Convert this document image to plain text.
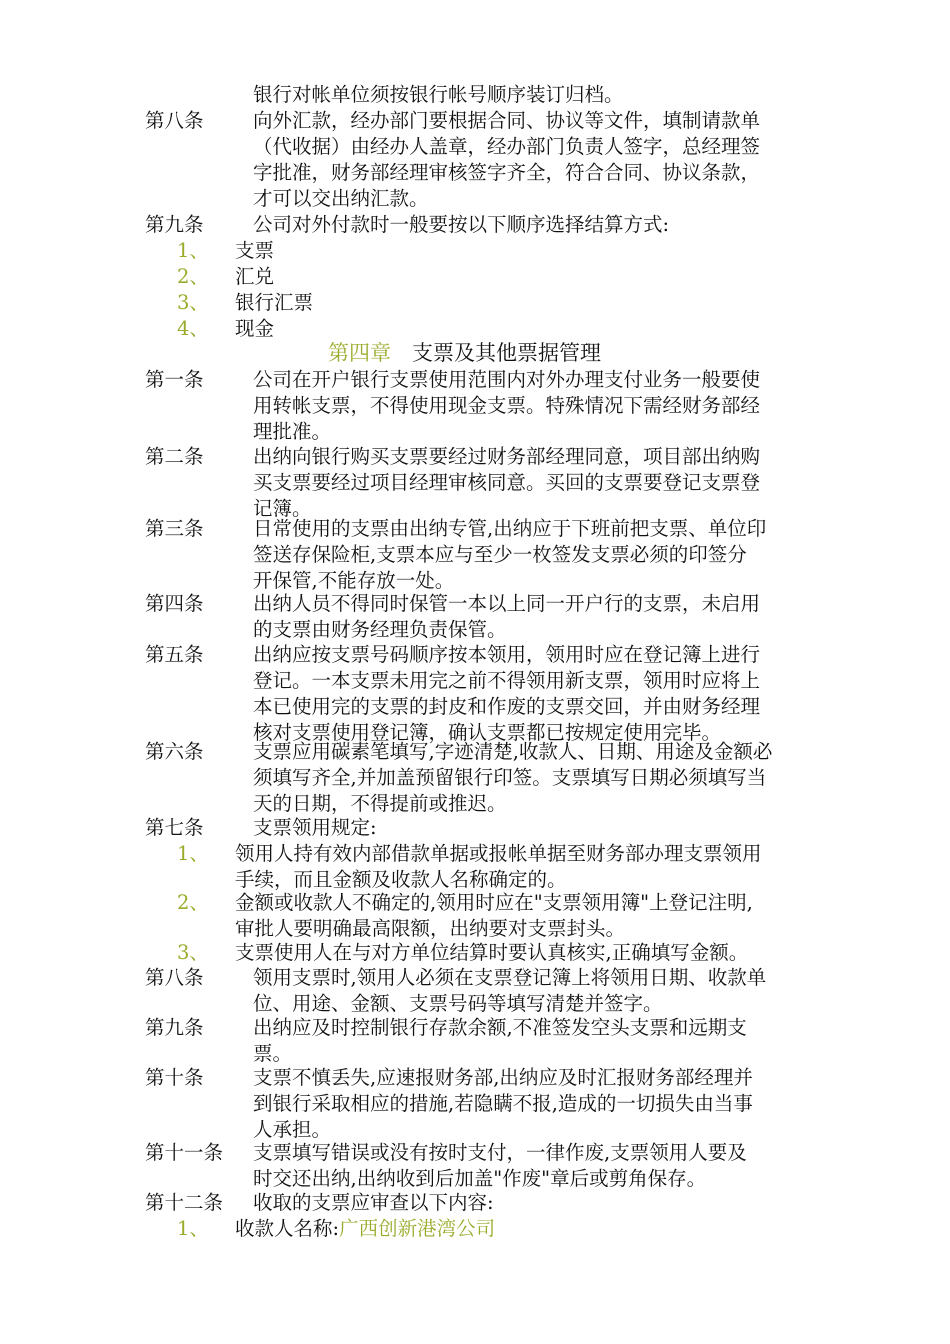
银行对帐单位须按银行帐号顺序装订归档。
第八条	向外汇款，经办部门要根据合同、协议等文件，填制请款单
（代收据）由经办人盖章，经办部门负责人签字，总经理签
字批准，财务部经理审核签字齐全，符合合同、协议条款，
才可以交出纳汇款。
第九条	公司对外付款时一般要按以下顺序选择结算方式:
1、 支票
2、 汇兑
3、 银行汇票
4、 现金
第四章 支票及其他票据管理
第一条	公司在开户银行支票使用范围内对外办理支付业务一般要使
用转帐支票，不得使用现金支票。特殊情况下需经财务部经
理批准。
第二条	出纳向银行购买支票要经过财务部经理同意，项目部出纳购
买支票要经过项目经理审核同意。买回的支票要登记支票登
记簿。
第三条	日常使用的支票由出纳专管,出纳应于下班前把支票、单位印
签送存保险柜,支票本应与至少一枚签发支票必须的印签分
开保管,不能存放一处。
第四条	出纳人员不得同时保管一本以上同一开户行的支票，未启用
的支票由财务经理负责保管。
第五条	出纳应按支票号码顺序按本领用，领用时应在登记簿上进行
登记。一本支票未用完之前不得领用新支票，领用时应将上
本已使用完的支票的封皮和作废的支票交回，并由财务经理
核对支票使用登记簿，确认支票都已按规定使用完毕。
第六条	支票应用碳素笔填写,字迹清楚,收款人、日期、用途及金额必
须填写齐全,并加盖预留银行印签。支票填写日期必须填写当
天的日期，不得提前或推迟。
第七条	支票领用规定:
1、 领用人持有效内部借款单据或报帐单据至财务部办理支票领用
手续，而且金额及收款人名称确定的。
2、 金额或收款人不确定的,领用时应在"支票领用簿"上登记注明,
审批人要明确最高限额，出纳要对支票封头。
3、 支票使用人在与对方单位结算时要认真核实,正确填写金额。
第八条	领用支票时,领用人必须在支票登记簿上将领用日期、收款单
位、用途、金额、支票号码等填写清楚并签字。
第九条	出纳应及时控制银行存款余额,不准签发空头支票和远期支
票。
第十条	支票不慎丢失,应速报财务部,出纳应及时汇报财务部经理并
到银行采取相应的措施,若隐瞒不报,造成的一切损失由当事
人承担。
第十一条 支票填写错误或没有按时支付，一律作废,支票领用人要及
时交还出纳,出纳收到后加盖"作废"章后或剪角保存。
第十二条 收取的支票应审查以下内容:
1、 收款人名称:广西创新港湾公司
